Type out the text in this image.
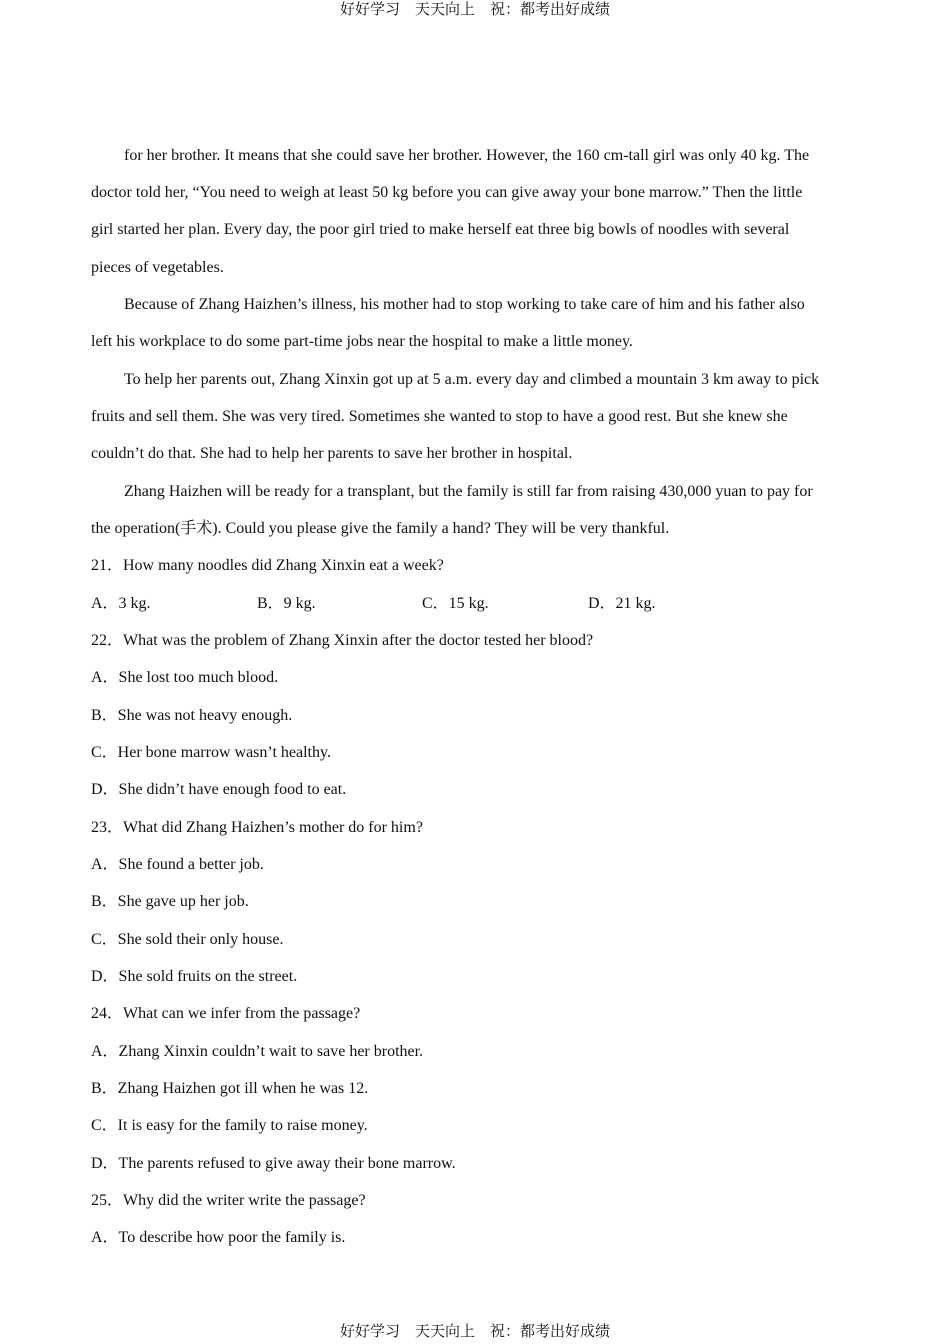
好好学习　天天向上　祝：都考出好成绩
for her brother. It means that she could save her brother. However, the 160 cm-tall girl was only 40 kg. The
doctor told her, “You need to weigh at least 50 kg before you can give away your bone marrow.” Then the little
girl started her plan. Every day, the poor girl tried to make herself eat three big bowls of noodles with several
pieces of vegetables.
Because of Zhang Haizhen’s illness, his mother had to stop working to take care of him and his father also
left his workplace to do some part-time jobs near the hospital to make a little money.
To help her parents out, Zhang Xinxin got up at 5 a.m. every day and climbed a mountain 3 km away to pick
fruits and sell them. She was very tired. Sometimes she wanted to stop to have a good rest. But she knew she
couldn’t do that. She had to help her parents to save her brother in hospital.
Zhang Haizhen will be ready for a transplant, but the family is still far from raising 430,000 yuan to pay for
the operation(手术). Could you please give the family a hand? They will be very thankful.
21．How many noodles did Zhang Xinxin eat a week?
A．3 kg.	B．9 kg.	C．15 kg.	D．21 kg.
22．What was the problem of Zhang Xinxin after the doctor tested her blood?
A．She lost too much blood.
B．She was not heavy enough.
C．Her bone marrow wasn’t healthy.
D．She didn’t have enough food to eat.
23．What did Zhang Haizhen’s mother do for him?
A．She found a better job.
B．She gave up her job.
C．She sold their only house.
D．She sold fruits on the street.
24．What can we infer from the passage?
A．Zhang Xinxin couldn’t wait to save her brother.
B．Zhang Haizhen got ill when he was 12.
C．It is easy for the family to raise money.
D．The parents refused to give away their bone marrow.
25．Why did the writer write the passage?
A．To describe how poor the family is.
好好学习　天天向上　祝：都考出好成绩
